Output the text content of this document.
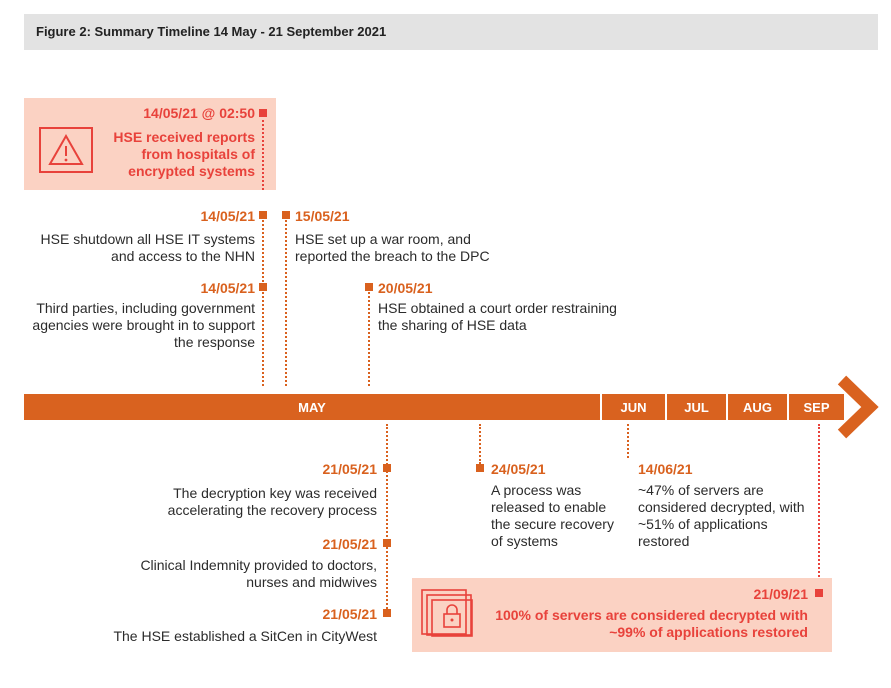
Figure 2: Summary Timeline 14 May - 21 September 2021
14/05/21 @ 02:50
HSE received reports from hospitals of encrypted systems
14/05/21
HSE shutdown all HSE IT systems and access to the NHN
15/05/21
HSE set up a war room, and reported the breach to the DPC
14/05/21
Third parties, including government agencies were brought in to support the response
20/05/21
HSE obtained a court order restraining the sharing of HSE data
MAY	JUN	JUL	AUG SEP
21/05/21
The decryption key was received accelerating the recovery process
24/05/21
A process was released to enable the secure recovery of systems
14/06/21
~47% of servers are considered decrypted, with ~51% of applications restored
21/05/21
Clinical Indemnity provided to doctors, nurses and midwives
21/05/21
The HSE established a SitCen in CityWest
21/09/21
100% of servers are considered decrypted with ~99% of applications restored
